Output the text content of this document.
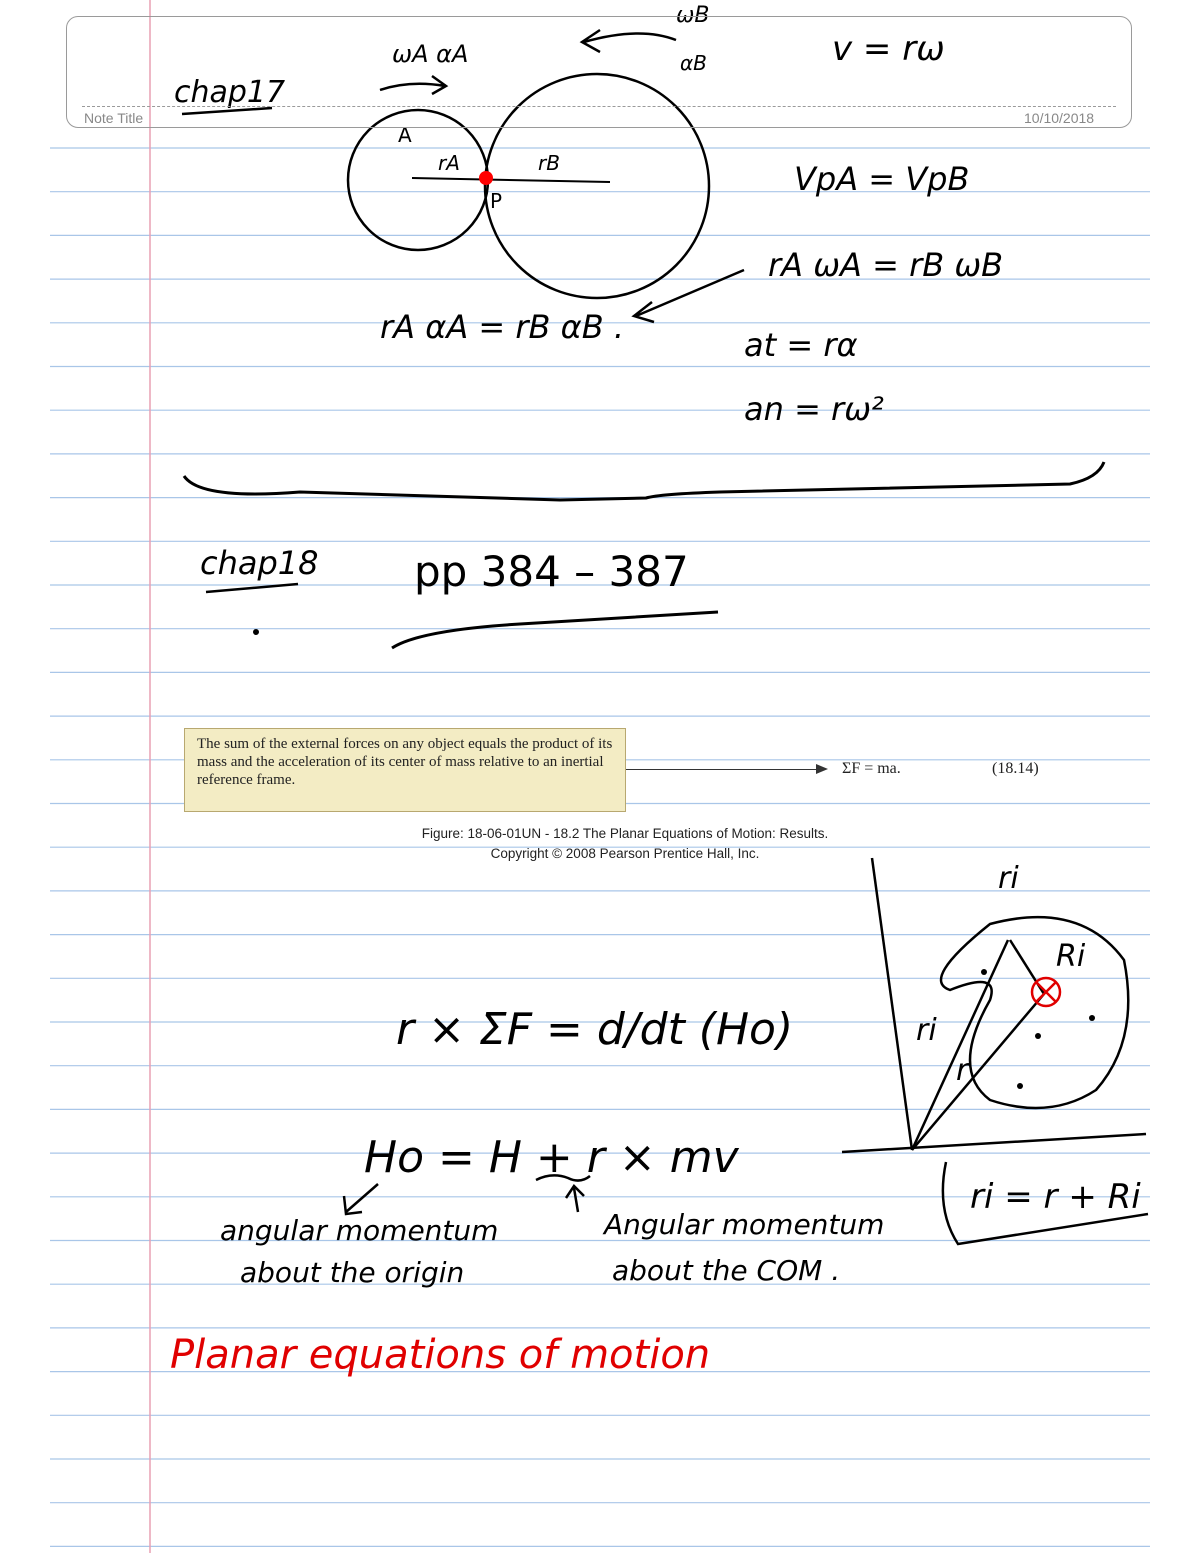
chap17
ωA αA
ωB
αB
A
rA	rB
P
v = rω
VpA = VpB
rA ωA = rB ωB
rA αA = rB αB .	at = rα
an = rω²
chap18 pp 384 – 387
r × ΣF = d/dt (Ho)
Ho = H + r × mv
angular momentum
about the origin
Angular momentum
about the COM .
ri
Ri
ri
r
ri = r + Ri
Planar equations of motion
Note Title	10/10/2018
The sum of the external forces on any object equals the product of its mass and the acceleration of its center of mass relative to an inertial reference frame.
ΣF = ma.	(18.14)
Figure: 18-06-01UN - 18.2 The Planar Equations of Motion: Results.
Copyright © 2008 Pearson Prentice Hall, Inc.
